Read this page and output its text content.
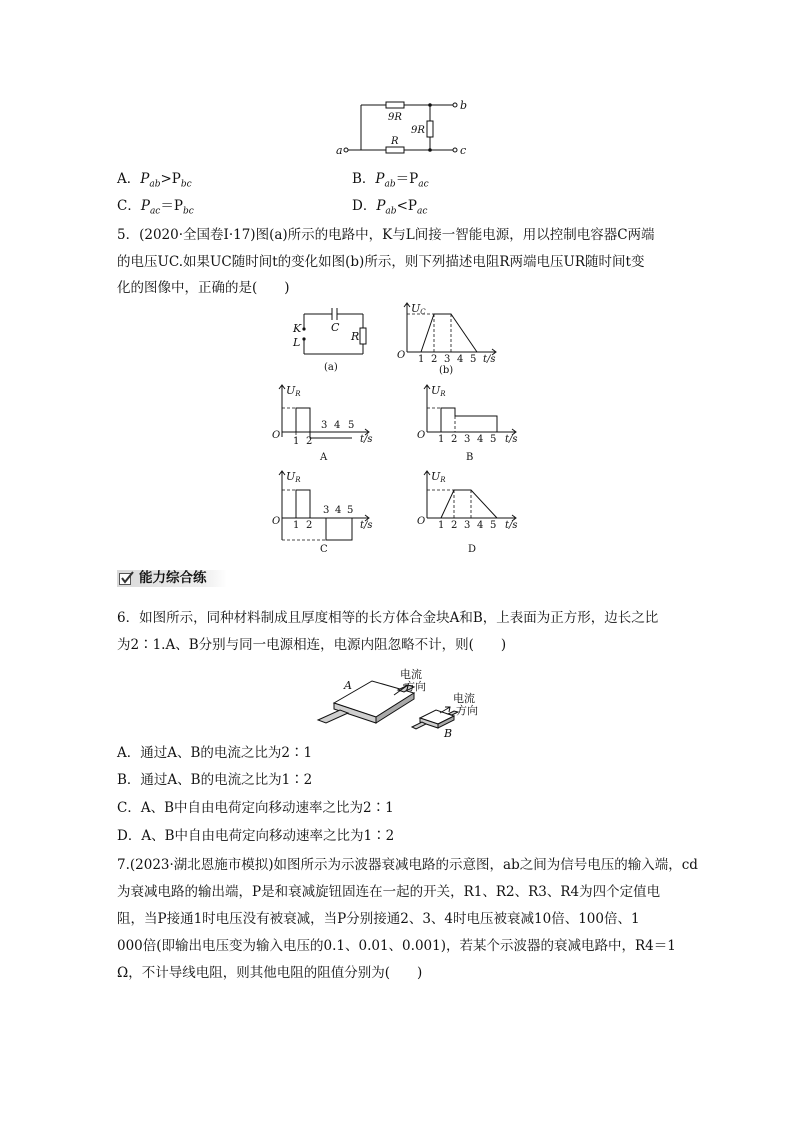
a
b
c
9R
9R
R
A．$P_{ab}>P_{bc}$	B．$P_{ab}=P_{ac}$
C．$P_{ac}=P_{bc}$	D．$P_{ab}<P_{ac}$
5．(2020·全国卷Ⅰ·17)图(a)所示的电路中，K与L间接一智能电源，用以控制电容器C两端
的电压UC.如果UC随时间t的变化如图(b)所示，则下列描述电阻R两端电压UR随时间t变
化的图像中，正确的是(　　)
K
L
C
R
(a)
UC
O 1 2 3 4 5 t/s
(b)
UR
O
1 2
3 4 5
t/s
A
UR
O 1 2 3 4 5 t/s
B
UR
O 1 2
3 4 5
t/s
C
UR
O 1 2 3 4 5 t/s
D
能力综合练
6．如图所示，同种材料制成且厚度相等的长方体合金块A和B，上表面为正方形，边长之比
为2∶1.A、B分别与同一电源相连，电源内阻忽略不计，则(　　)
A
B
电流
方向
电流
方向
A．通过A、B的电流之比为2∶1
B．通过A、B的电流之比为1∶2
C．A、B中自由电荷定向移动速率之比为2∶1
D．A、B中自由电荷定向移动速率之比为1∶2
7.(2023·湖北恩施市模拟)如图所示为示波器衰减电路的示意图，ab之间为信号电压的输入端，cd
为衰减电路的输出端，P是和衰减旋钮固连在一起的开关，R1、R2、R3、R4为四个定值电
阻，当P接通1时电压没有被衰减，当P分别接通2、3、4时电压被衰减10倍、100倍、1
000倍(即输出电压变为输入电压的0.1、0.01、0.001)，若某个示波器的衰减电路中，R4＝1
Ω，不计导线电阻，则其他电阻的阻值分别为(　　)
